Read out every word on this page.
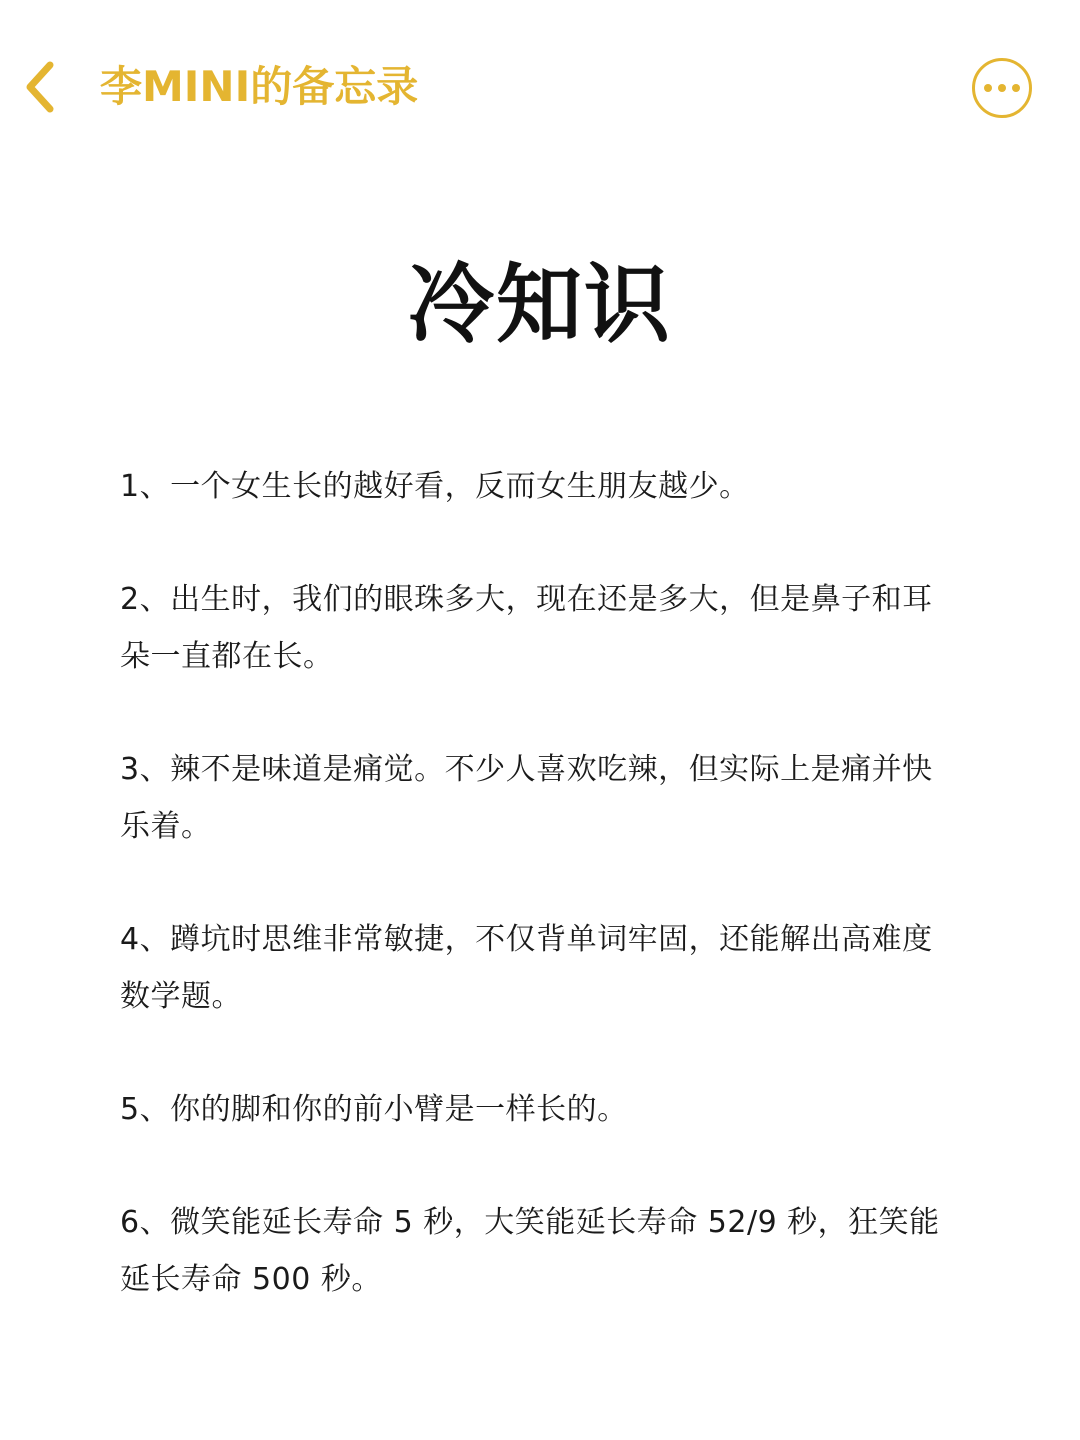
李MINI的备忘录
冷知识
1、一个女生长的越好看，反而女生朋友越少。
2、出生时，我们的眼珠多大，现在还是多大，但是鼻子和耳朵一直都在长。
3、辣不是味道是痛觉。不少人喜欢吃辣，但实际上是痛并快乐着。
4、蹲坑时思维非常敏捷，不仅背单词牢固，还能解出高难度数学题。
5、你的脚和你的前小臂是一样长的。
6、微笑能延长寿命 5 秒，大笑能延长寿命 52/9 秒，狂笑能延长寿命 500 秒。
